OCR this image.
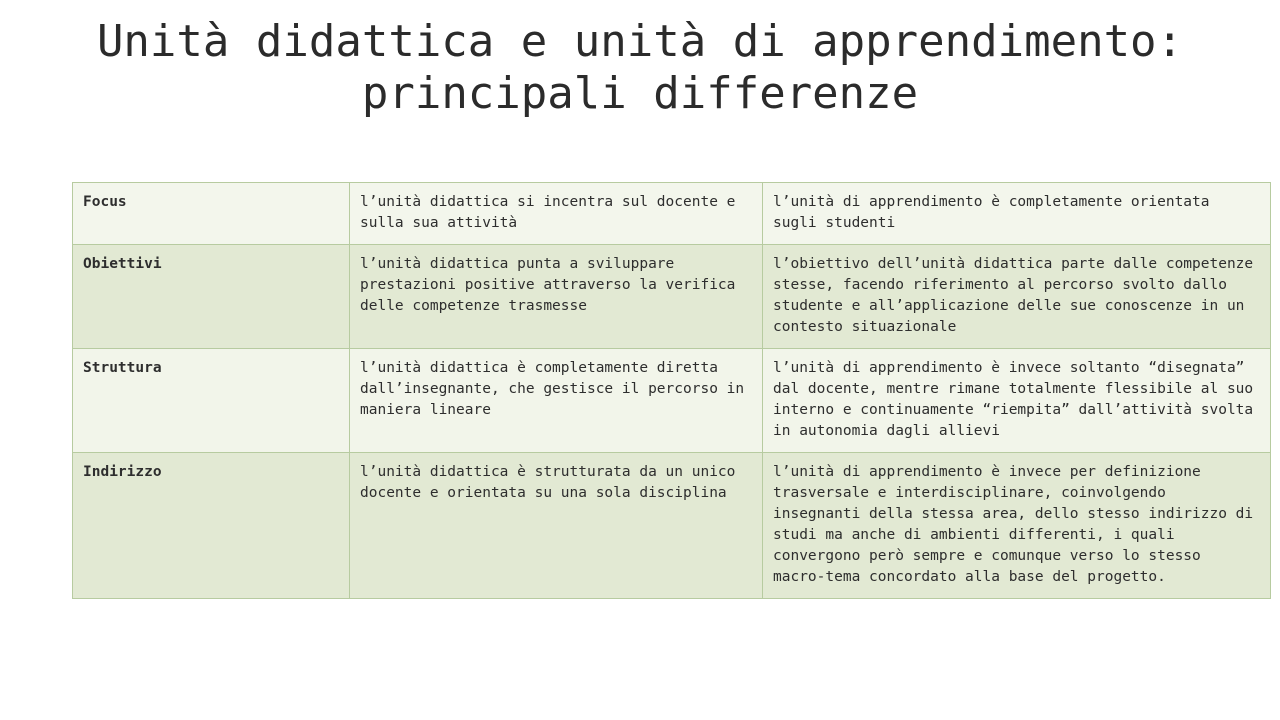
Unità didattica e unità di apprendimento: principali differenze
Focus	l’unità didattica si incentra sul docente e sulla sua attività	l’unità di apprendimento è completamente orientata sugli studenti
Obiettivi	l’unità didattica punta a sviluppare prestazioni positive attraverso la verifica delle competenze trasmesse	l’obiettivo dell’unità didattica parte dalle competenze stesse, facendo riferimento al percorso svolto dallo studente e all’applicazione delle sue conoscenze in un contesto situazionale
Struttura	l’unità didattica è completamente diretta dall’insegnante, che gestisce il percorso in maniera lineare	l’unità di apprendimento è invece soltanto “disegnata” dal docente, mentre rimane totalmente flessibile al suo interno e continuamente “riempita” dall’attività svolta in autonomia dagli allievi
Indirizzo	l’unità didattica è strutturata da un unico docente e orientata su una sola disciplina	l’unità di apprendimento è invece per definizione trasversale e interdisciplinare, coinvolgendo insegnanti della stessa area, dello stesso indirizzo di studi ma anche di ambienti differenti, i quali convergono però sempre e comunque verso lo stesso macro-tema concordato alla base del progetto.
